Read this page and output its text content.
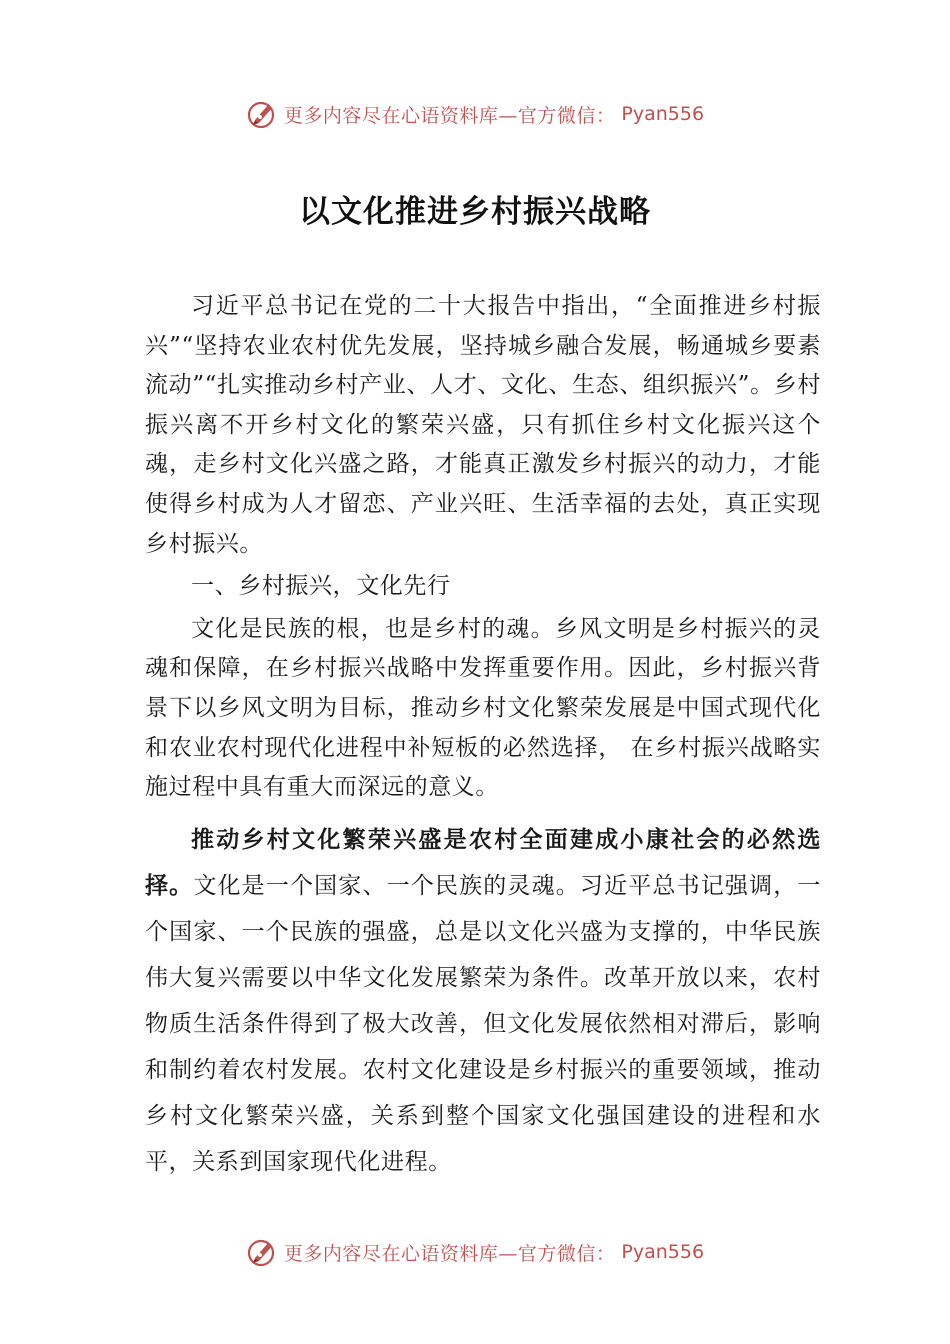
更多内容尽在心语资料库—官方微信： Pyan556
以文化推进乡村振兴战略

习近平总书记在党的二十大报告中指出，“全面推进乡村振兴”“坚持农业农村优先发展，坚持城乡融合发展，畅通城乡要素流动”“扎实推动乡村产业、人才、文化、生态、组织振兴”。乡村振兴离不开乡村文化的繁荣兴盛，只有抓住乡村文化振兴这个魂，走乡村文化兴盛之路，才能真正激发乡村振兴的动力，才能使得乡村成为人才留恋、产业兴旺、生活幸福的去处，真正实现乡村振兴。

一、乡村振兴，文化先行

文化是民族的根，也是乡村的魂。乡风文明是乡村振兴的灵魂和保障，在乡村振兴战略中发挥重要作用。因此，乡村振兴背景下以乡风文明为目标，推动乡村文化繁荣发展是中国式现代化和农业农村现代化进程中补短板的必然选择， 在乡村振兴战略实施过程中具有重大而深远的意义。

推动乡村文化繁荣兴盛是农村全面建成小康社会的必然选择。文化是一个国家、一个民族的灵魂。习近平总书记强调，一个国家、一个民族的强盛，总是以文化兴盛为支撑的，中华民族伟大复兴需要以中华文化发展繁荣为条件。改革开放以来，农村物质生活条件得到了极大改善，但文化发展依然相对滞后，影响和制约着农村发展。农村文化建设是乡村振兴的重要领域，推动乡村文化繁荣兴盛，关系到整个国家文化强国建设的进程和水平，关系到国家现代化进程。

更多内容尽在心语资料库—官方微信： Pyan556
